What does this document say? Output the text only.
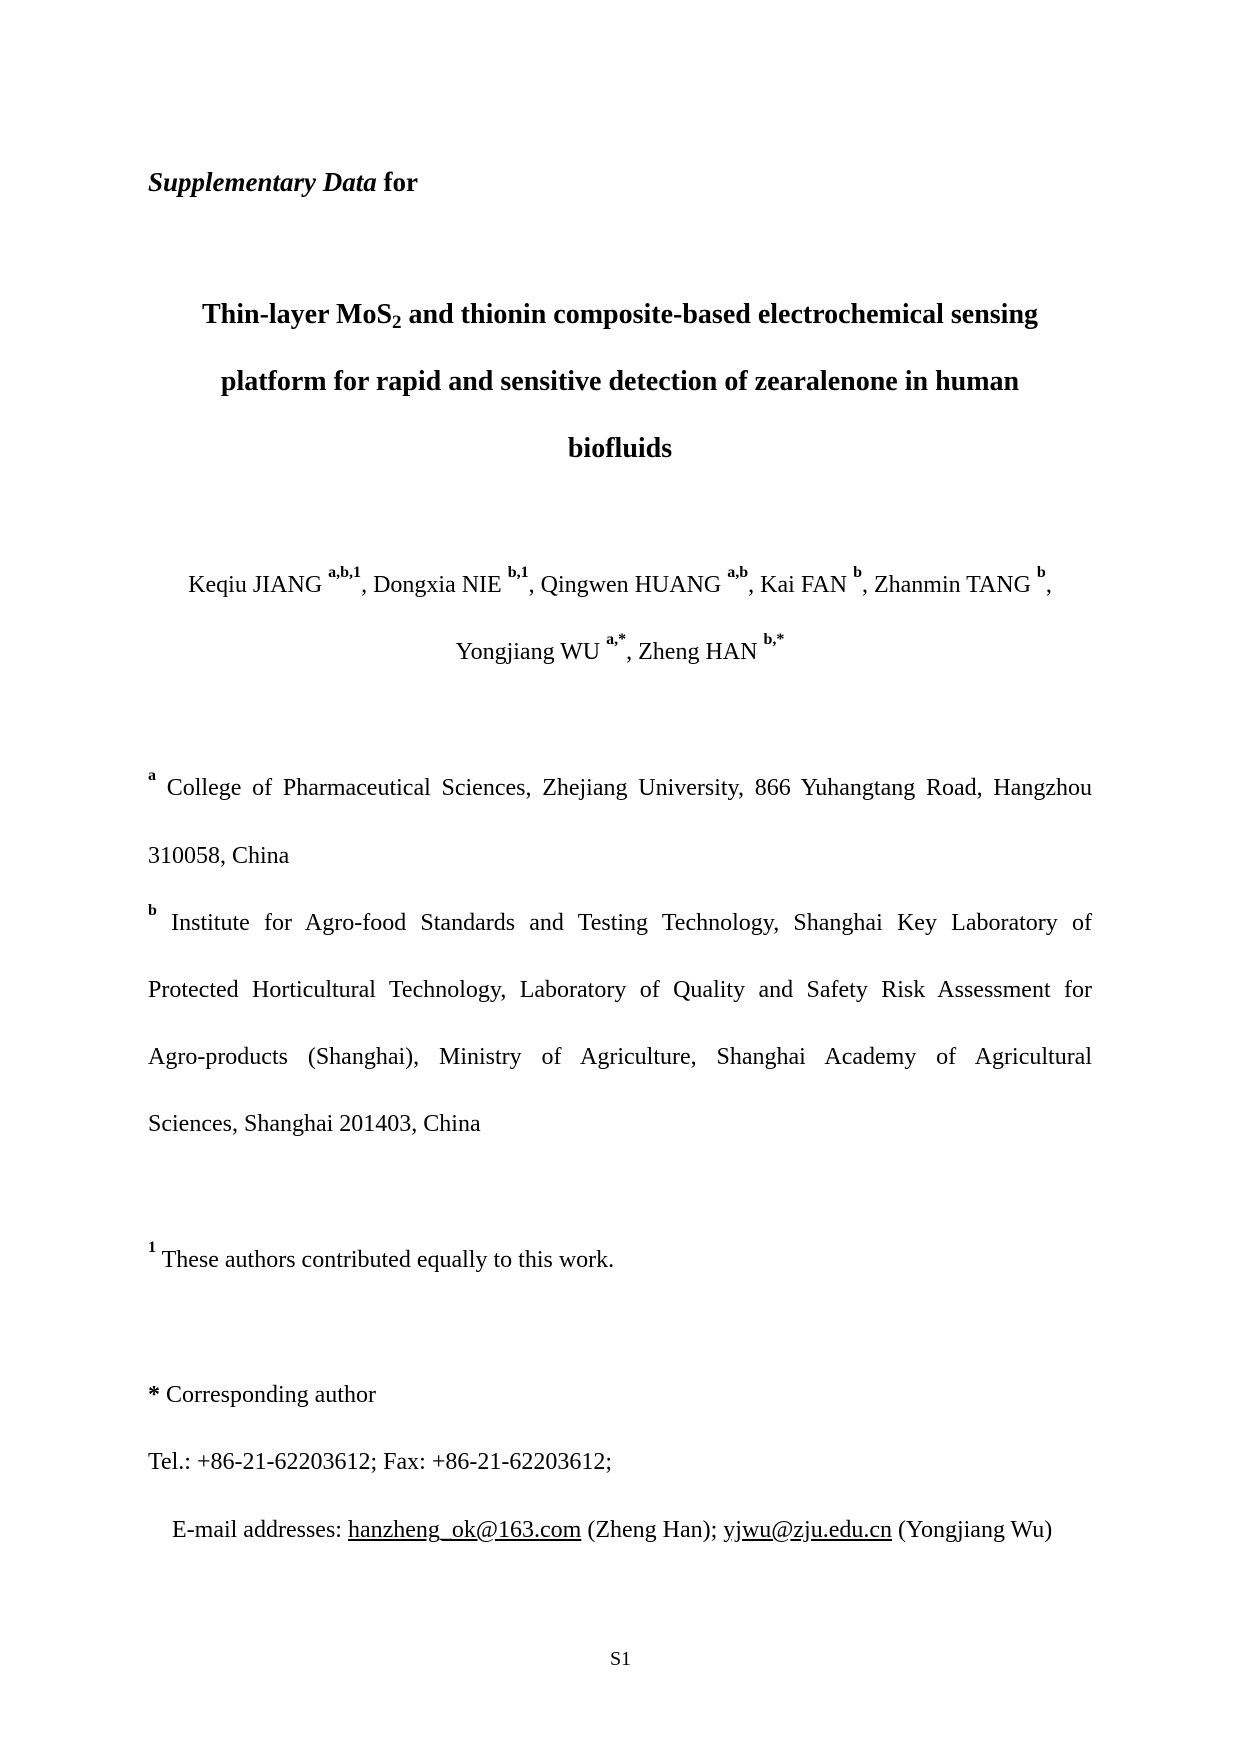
Supplementary Data for
Thin-layer MoS$_2$ and thionin composite-based electrochemical sensing
platform for rapid and sensitive detection of zearalenone in human
biofluids
Keqiu JIANG $^{a,b,1}$, Dongxia NIE $^{b,1}$, Qingwen HUANG $^{a,b}$, Kai FAN $^b$, Zhanmin TANG $^b$,
Yongjiang WU $^{a,*}$, Zheng HAN $^{b,*}$
$^a$ College of Pharmaceutical Sciences, Zhejiang University, 866 Yuhangtang Road, Hangzhou
310058, China
$^b$ Institute for Agro-food Standards and Testing Technology, Shanghai Key Laboratory of
Protected Horticultural Technology, Laboratory of Quality and Safety Risk Assessment for
Agro-products (Shanghai), Ministry of Agriculture, Shanghai Academy of Agricultural
Sciences, Shanghai 201403, China
$^1$ These authors contributed equally to this work.
* Corresponding author
Tel.: +86-21-62203612; Fax: +86-21-62203612;
E-mail addresses: hanzheng_ok@163.com (Zheng Han); yjwu@zju.edu.cn (Yongjiang Wu)
S1
